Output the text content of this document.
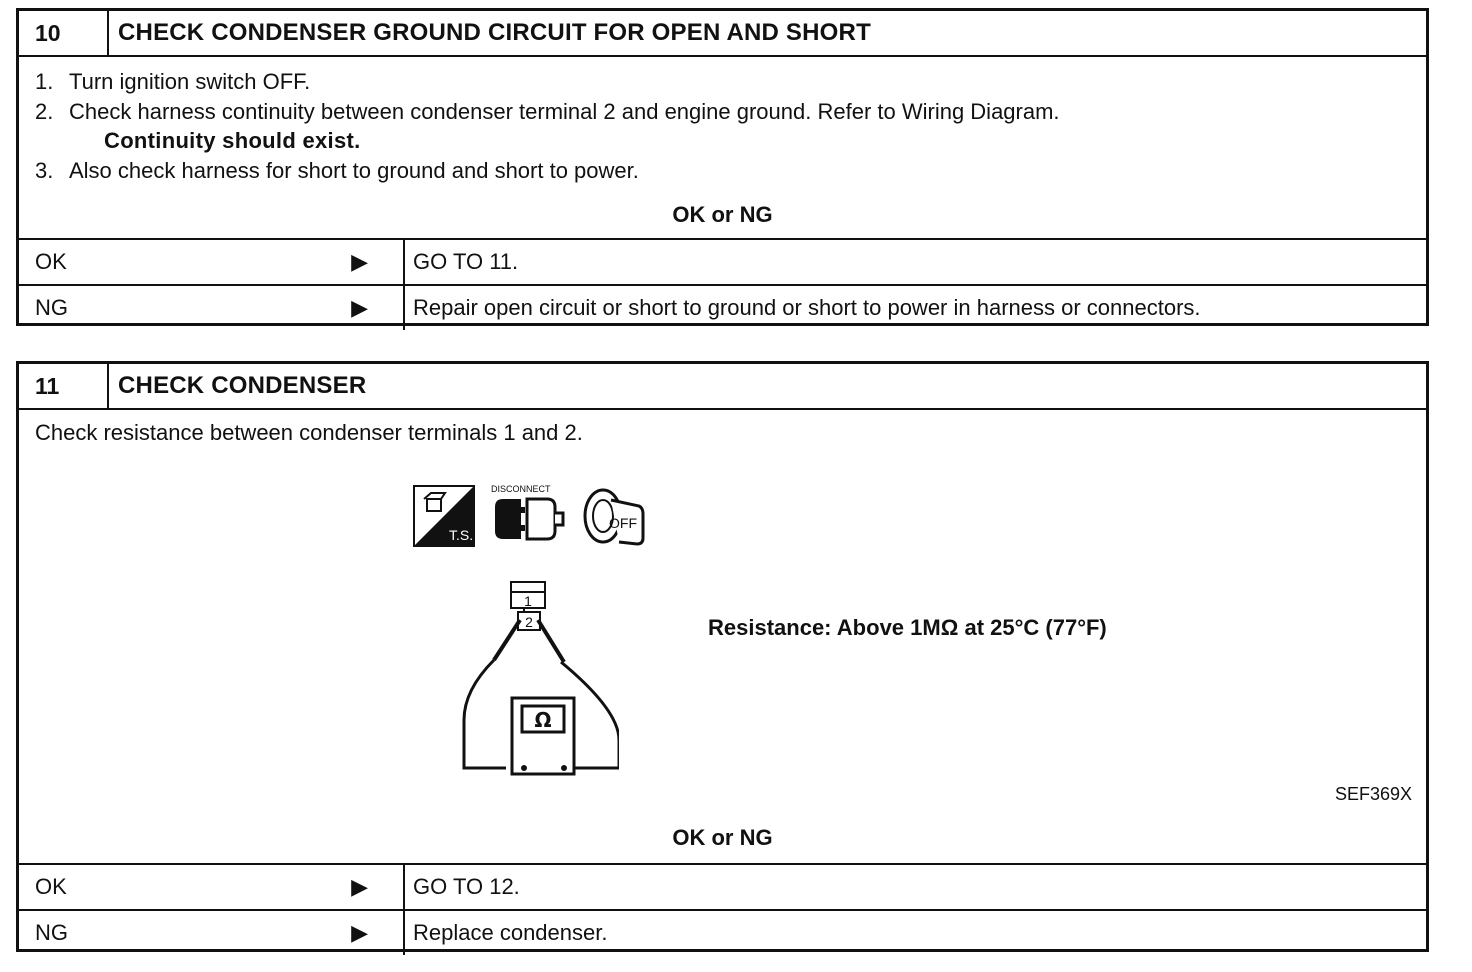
10	CHECK CONDENSER GROUND CIRCUIT FOR OPEN AND SHORT
1. Turn ignition switch OFF.
2. Check harness continuity between condenser terminal 2 and engine ground. Refer to Wiring Diagram.
Continuity should exist.
3. Also check harness for short to ground and short to power.
OK or NG
OK	▶	GO TO 11.
NG	▶	Repair open circuit or short to ground or short to power in harness or connectors.
11	CHECK CONDENSER
Check resistance between condenser terminals 1 and 2.
T.S.
DISCONNECT
OFF
1
2
Ω
Resistance: Above 1MΩ at 25°C (77°F)
SEF369X
OK or NG
OK	▶	GO TO 12.
NG	▶	Replace condenser.
